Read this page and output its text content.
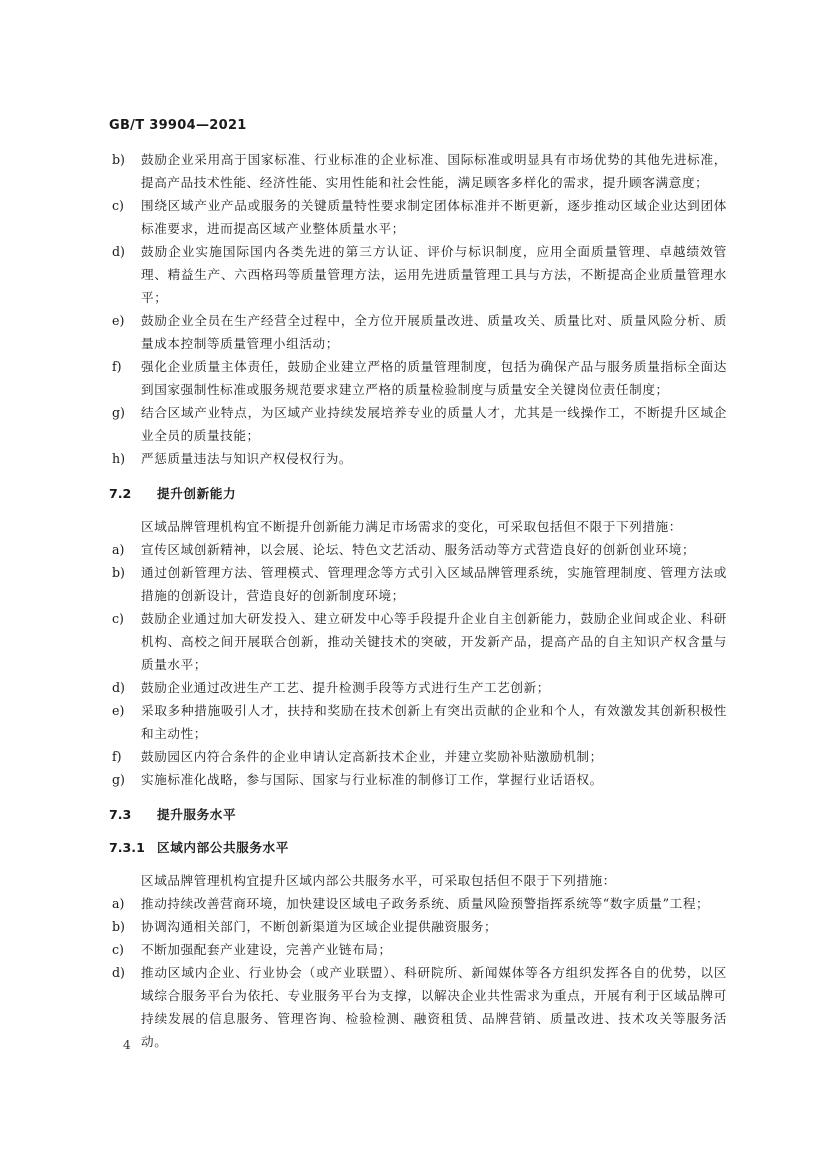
GB/T 39904—2021
b) 鼓励企业采用高于国家标准、行业标准的企业标准、国际标准或明显具有市场优势的其他先进标准，提高产品技术性能、经济性能、实用性能和社会性能，满足顾客多样化的需求，提升顾客满意度；
c) 围绕区域产业产品或服务的关键质量特性要求制定团体标准并不断更新，逐步推动区域企业达到团体标准要求，进而提高区域产业整体质量水平；
d) 鼓励企业实施国际国内各类先进的第三方认证、评价与标识制度，应用全面质量管理、卓越绩效管理、精益生产、六西格玛等质量管理方法，运用先进质量管理工具与方法，不断提高企业质量管理水平；
e) 鼓励企业全员在生产经营全过程中，全方位开展质量改进、质量攻关、质量比对、质量风险分析、质量成本控制等质量管理小组活动；
f) 强化企业质量主体责任，鼓励企业建立严格的质量管理制度，包括为确保产品与服务质量指标全面达到国家强制性标准或服务规范要求建立严格的质量检验制度与质量安全关键岗位责任制度；
g) 结合区域产业特点，为区域产业持续发展培养专业的质量人才，尤其是一线操作工，不断提升区域企业全员的质量技能；
h) 严惩质量违法与知识产权侵权行为。
7.2 提升创新能力
区域品牌管理机构宜不断提升创新能力满足市场需求的变化，可采取包括但不限于下列措施：
a) 宣传区域创新精神，以会展、论坛、特色文艺活动、服务活动等方式营造良好的创新创业环境；
b) 通过创新管理方法、管理模式、管理理念等方式引入区域品牌管理系统，实施管理制度、管理方法或措施的创新设计，营造良好的创新制度环境；
c) 鼓励企业通过加大研发投入、建立研发中心等手段提升企业自主创新能力，鼓励企业间或企业、科研机构、高校之间开展联合创新，推动关键技术的突破，开发新产品，提高产品的自主知识产权含量与质量水平；
d) 鼓励企业通过改进生产工艺、提升检测手段等方式进行生产工艺创新；
e) 采取多种措施吸引人才，扶持和奖励在技术创新上有突出贡献的企业和个人，有效激发其创新积极性和主动性；
f) 鼓励园区内符合条件的企业申请认定高新技术企业，并建立奖励补贴激励机制；
g) 实施标准化战略，参与国际、国家与行业标准的制修订工作，掌握行业话语权。
7.3 提升服务水平
7.3.1 区域内部公共服务水平
区域品牌管理机构宜提升区域内部公共服务水平，可采取包括但不限于下列措施：
a) 推动持续改善营商环境，加快建设区域电子政务系统、质量风险预警指挥系统等“数字质量”工程；
b) 协调沟通相关部门，不断创新渠道为区域企业提供融资服务；
c) 不断加强配套产业建设，完善产业链布局；
d) 推动区域内企业、行业协会（或产业联盟）、科研院所、新闻媒体等各方组织发挥各自的优势，以区域综合服务平台为依托、专业服务平台为支撑，以解决企业共性需求为重点，开展有利于区域品牌可持续发展的信息服务、管理咨询、检验检测、融资租赁、品牌营销、质量改进、技术攻关等服务活动。
4
